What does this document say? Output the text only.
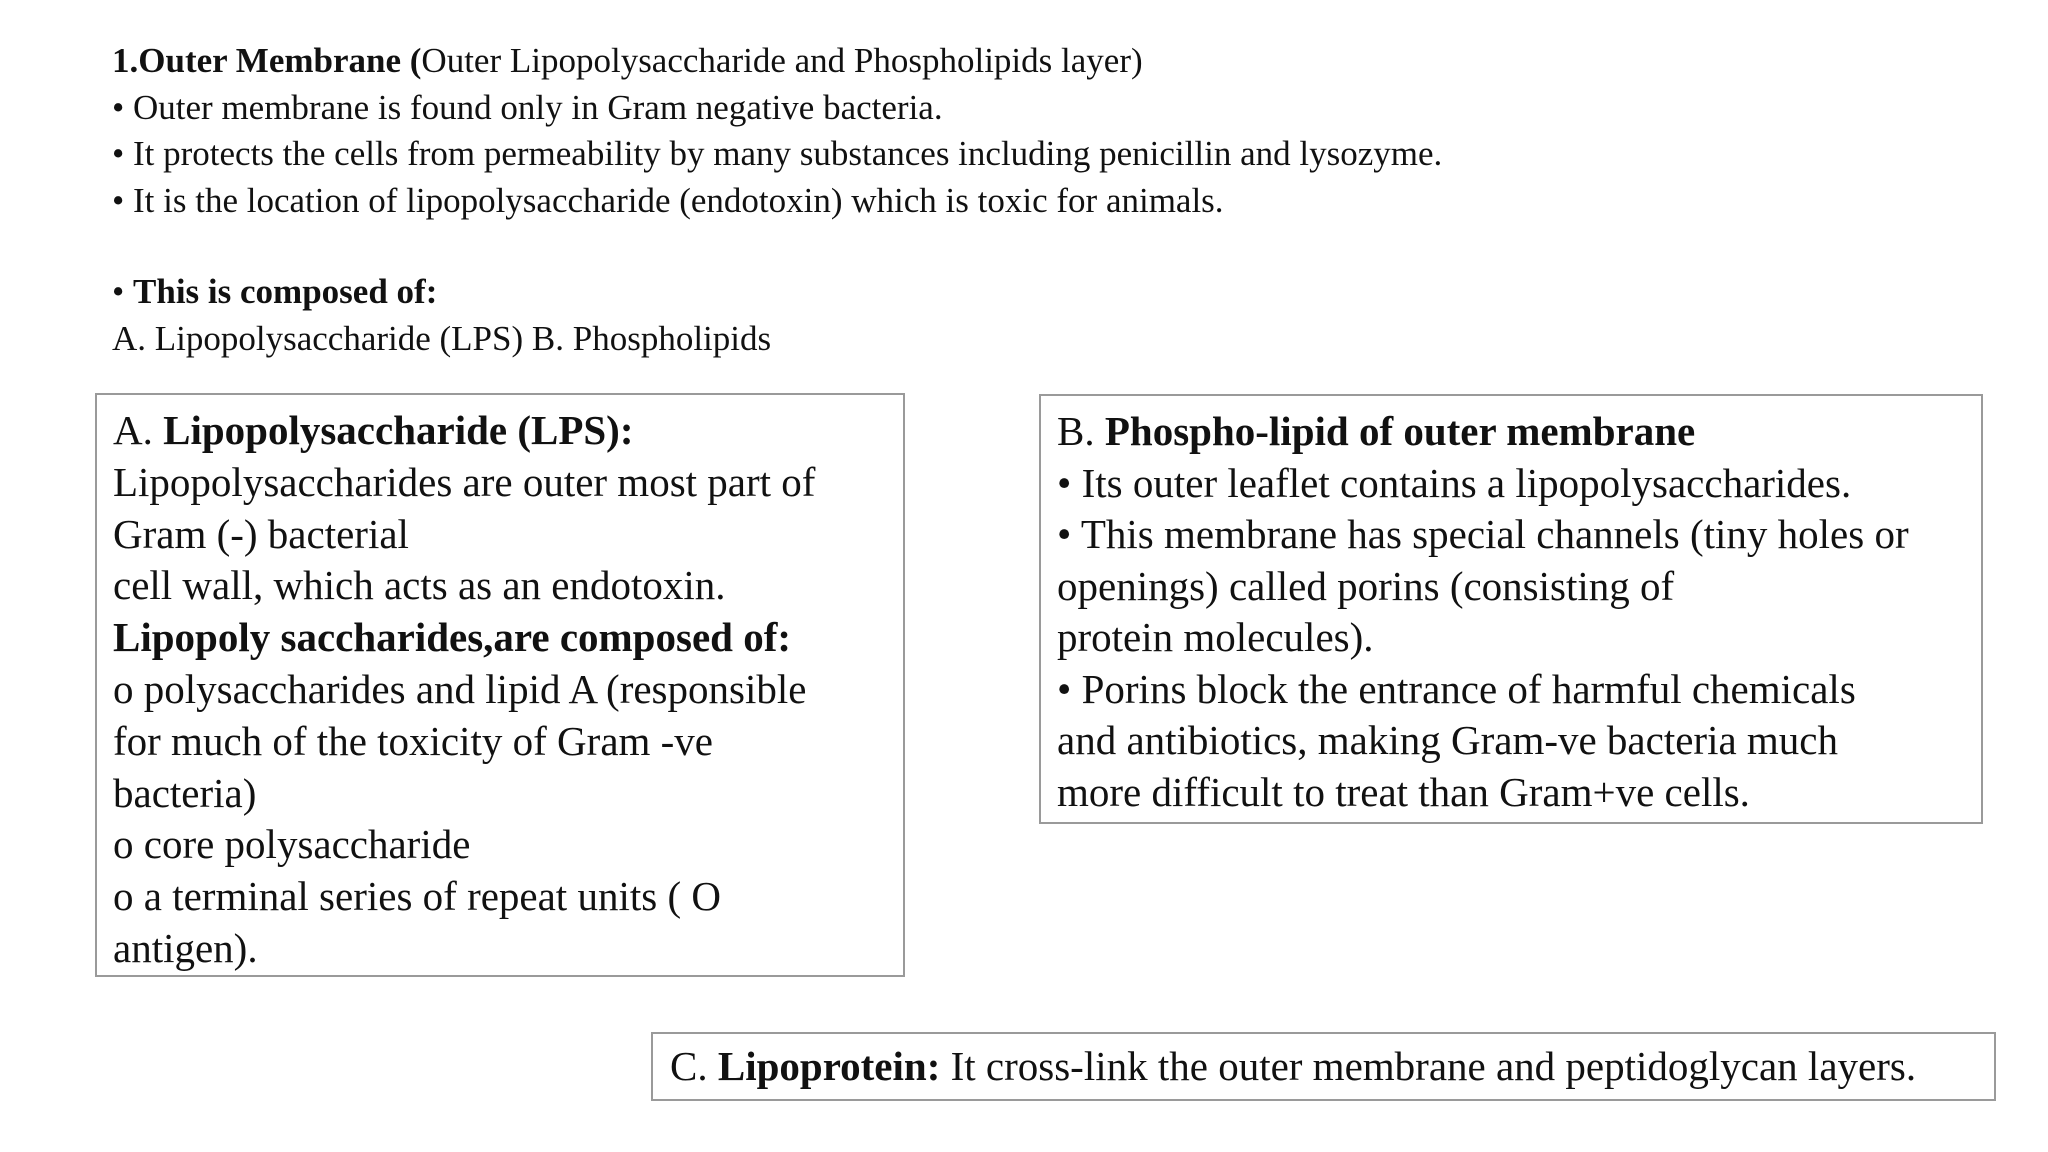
1.Outer Membrane (Outer Lipopolysaccharide and Phospholipids layer)
• Outer membrane is found only in Gram negative bacteria.
• It protects the cells from permeability by many substances including penicillin and lysozyme.
• It is the location of lipopolysaccharide (endotoxin) which is toxic for animals.
• This is composed of:
A. Lipopolysaccharide (LPS) B. Phospholipids
A. Lipopolysaccharide (LPS):
Lipopolysaccharides are outer most part of
Gram (-) bacterial
cell wall, which acts as an endotoxin.
Lipopoly saccharides,are composed of:
o polysaccharides and lipid A (responsible
for much of the toxicity of Gram -ve
bacteria)
o core polysaccharide
o a terminal series of repeat units ( O
antigen).
B. Phospho-lipid of outer membrane
• Its outer leaflet contains a lipopolysaccharides.
• This membrane has special channels (tiny holes or
openings) called porins (consisting of
protein molecules).
• Porins block the entrance of harmful chemicals
and antibiotics, making Gram-ve bacteria much
more difficult to treat than Gram+ve cells.
C. Lipoprotein: It cross-link the outer membrane and peptidoglycan layers.
